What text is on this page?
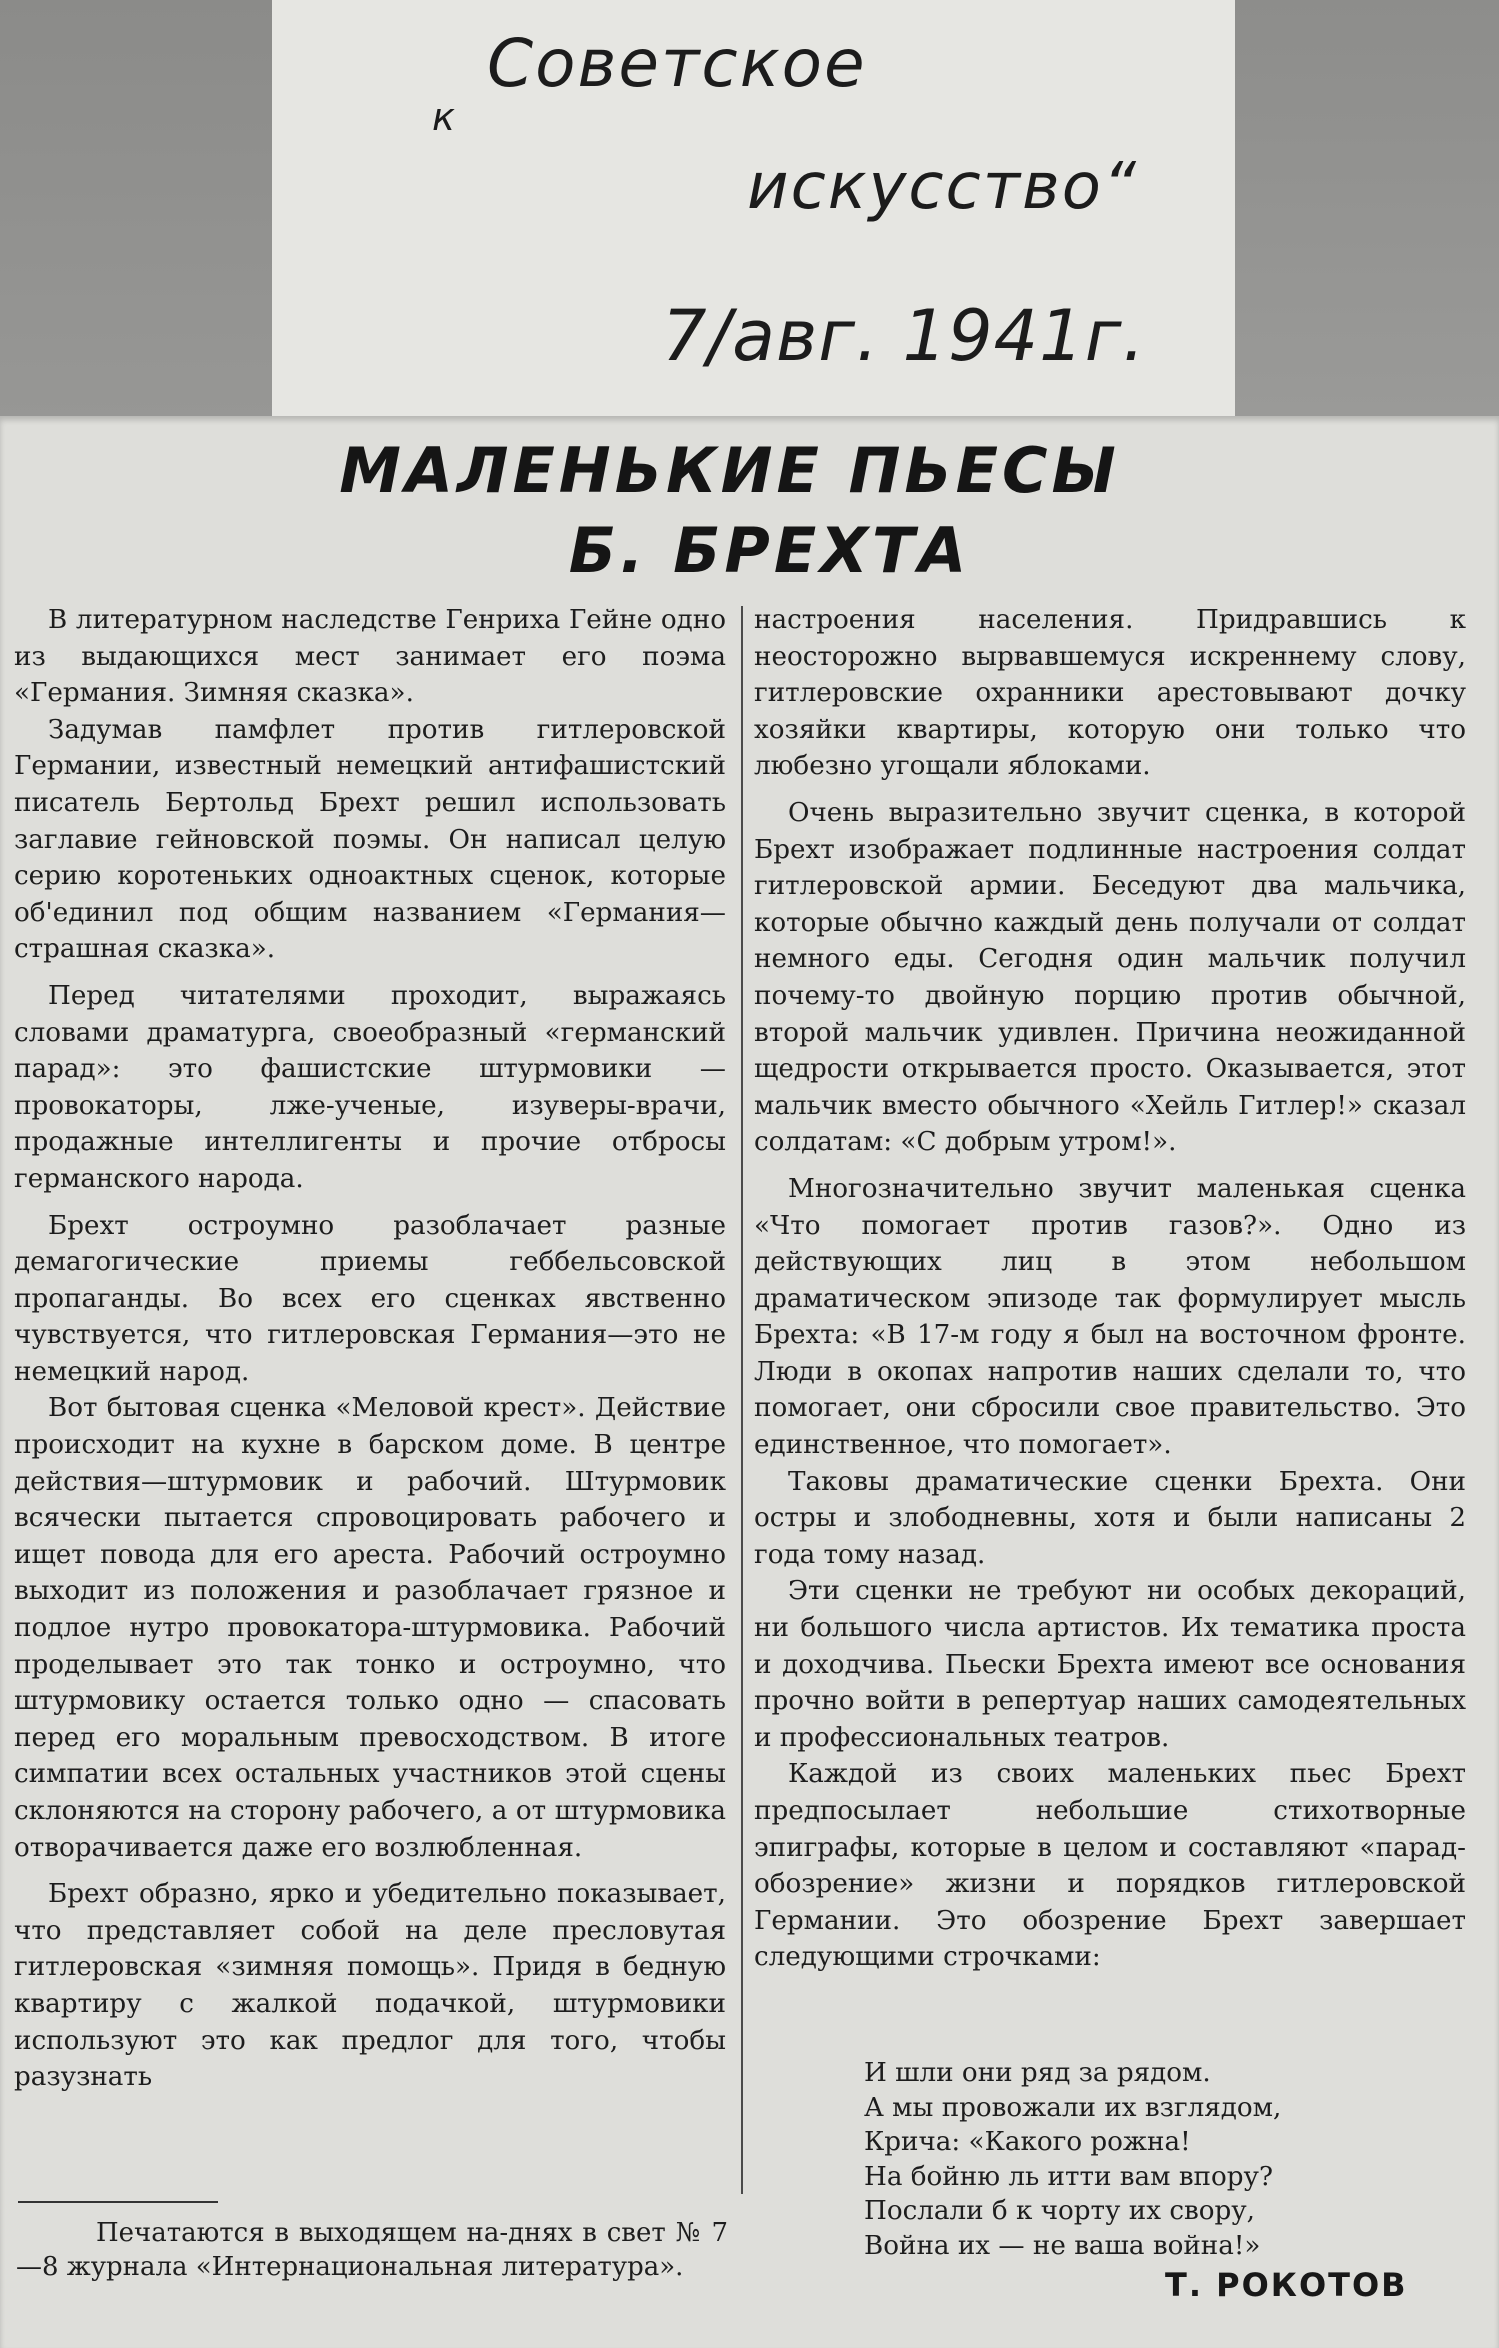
к
Советское
искусство“
7/авг. 1941г.
МАЛЕНЬКИЕ ПЬЕСЫ
Б. БРЕХТА

В литературном наследстве Генриха Гейне одно из выдающихся мест занимает его поэма «Германия. Зимняя сказка».

Задумав памфлет против гитлеровской Германии, известный немецкий антифашистский писатель Бертольд Брехт решил использовать заглавие гейновской поэмы. Он написал целую серию коротеньких одноактных сценок, которые об'единил под общим названием «Германия—страшная сказка».

Перед читателями проходит, выражаясь словами драматурга, своеобразный «германский парад»: это фашистские штурмовики — провокаторы, лже-ученые, изуверы-врачи, продажные интеллигенты и прочие отбросы германского народа.

Брехт остроумно разоблачает разные демагогические приемы геббельсовской пропаганды. Во всех его сценках явственно чувствуется, что гитлеровская Германия—это не немецкий народ.

Вот бытовая сценка «Меловой крест». Действие происходит на кухне в барском доме. В центре действия—штурмовик и рабочий. Штурмовик всячески пытается спровоцировать рабочего и ищет повода для его ареста. Рабочий остроумно выходит из положения и разоблачает грязное и подлое нутро провокатора-штурмовика. Рабочий проделывает это так тонко и остроумно, что штурмовику остается только одно — спасовать перед его моральным превосходством. В итоге симпатии всех остальных участников этой сцены склоняются на сторону рабочего, а от штурмовика отворачивается даже его возлюбленная.

Брехт образно, ярко и убедительно показывает, что представляет собой на деле пресловутая гитлеровская «зимняя помощь». Придя в бедную квартиру с жалкой подачкой, штурмовики используют это как предлог для того, чтобы разузнать

настроения населения. Придравшись к неосторожно вырвавшемуся искреннему слову, гитлеровские охранники арестовывают дочку хозяйки квартиры, которую они только что любезно угощали яблоками.

Очень выразительно звучит сценка, в которой Брехт изображает подлинные настроения солдат гитлеровской армии. Беседуют два мальчика, которые обычно каждый день получали от солдат немного еды. Сегодня один мальчик получил почему-то двойную порцию против обычной, второй мальчик удивлен. Причина неожиданной щедрости открывается просто. Оказывается, этот мальчик вместо обычного «Хейль Гитлер!» сказал солдатам: «С добрым утром!».

Многозначительно звучит маленькая сценка «Что помогает против газов?». Одно из действующих лиц в этом небольшом драматическом эпизоде так формулирует мысль Брехта: «В 17-м году я был на восточном фронте. Люди в окопах напротив наших сделали то, что помогает, они сбросили свое правительство. Это единственное, что помогает».

Таковы драматические сценки Брехта. Они остры и злободневны, хотя и были написаны 2 года тому назад.

Эти сценки не требуют ни особых декораций, ни большого числа артистов. Их тематика проста и доходчива. Пьески Брехта имеют все основания прочно войти в репертуар наших самодеятельных и профессиональных театров.

Каждой из своих маленьких пьес Брехт предпосылает небольшие стихотворные эпиграфы, которые в целом и составляют «парад-обозрение» жизни и порядков гитлеровской Германии. Это обозрение Брехт завершает следующими строчками:

И шли они ряд за рядом.
А мы провожали их взглядом,
Крича: «Какого рожна!
На бойню ль итти вам впору?
Послали б к чорту их свору,
Война их — не ваша война!»
Печатаются в выходящем на-днях в свет № 7—8 журнала «Интернациональная литература».	Т. РОКОТОВ
